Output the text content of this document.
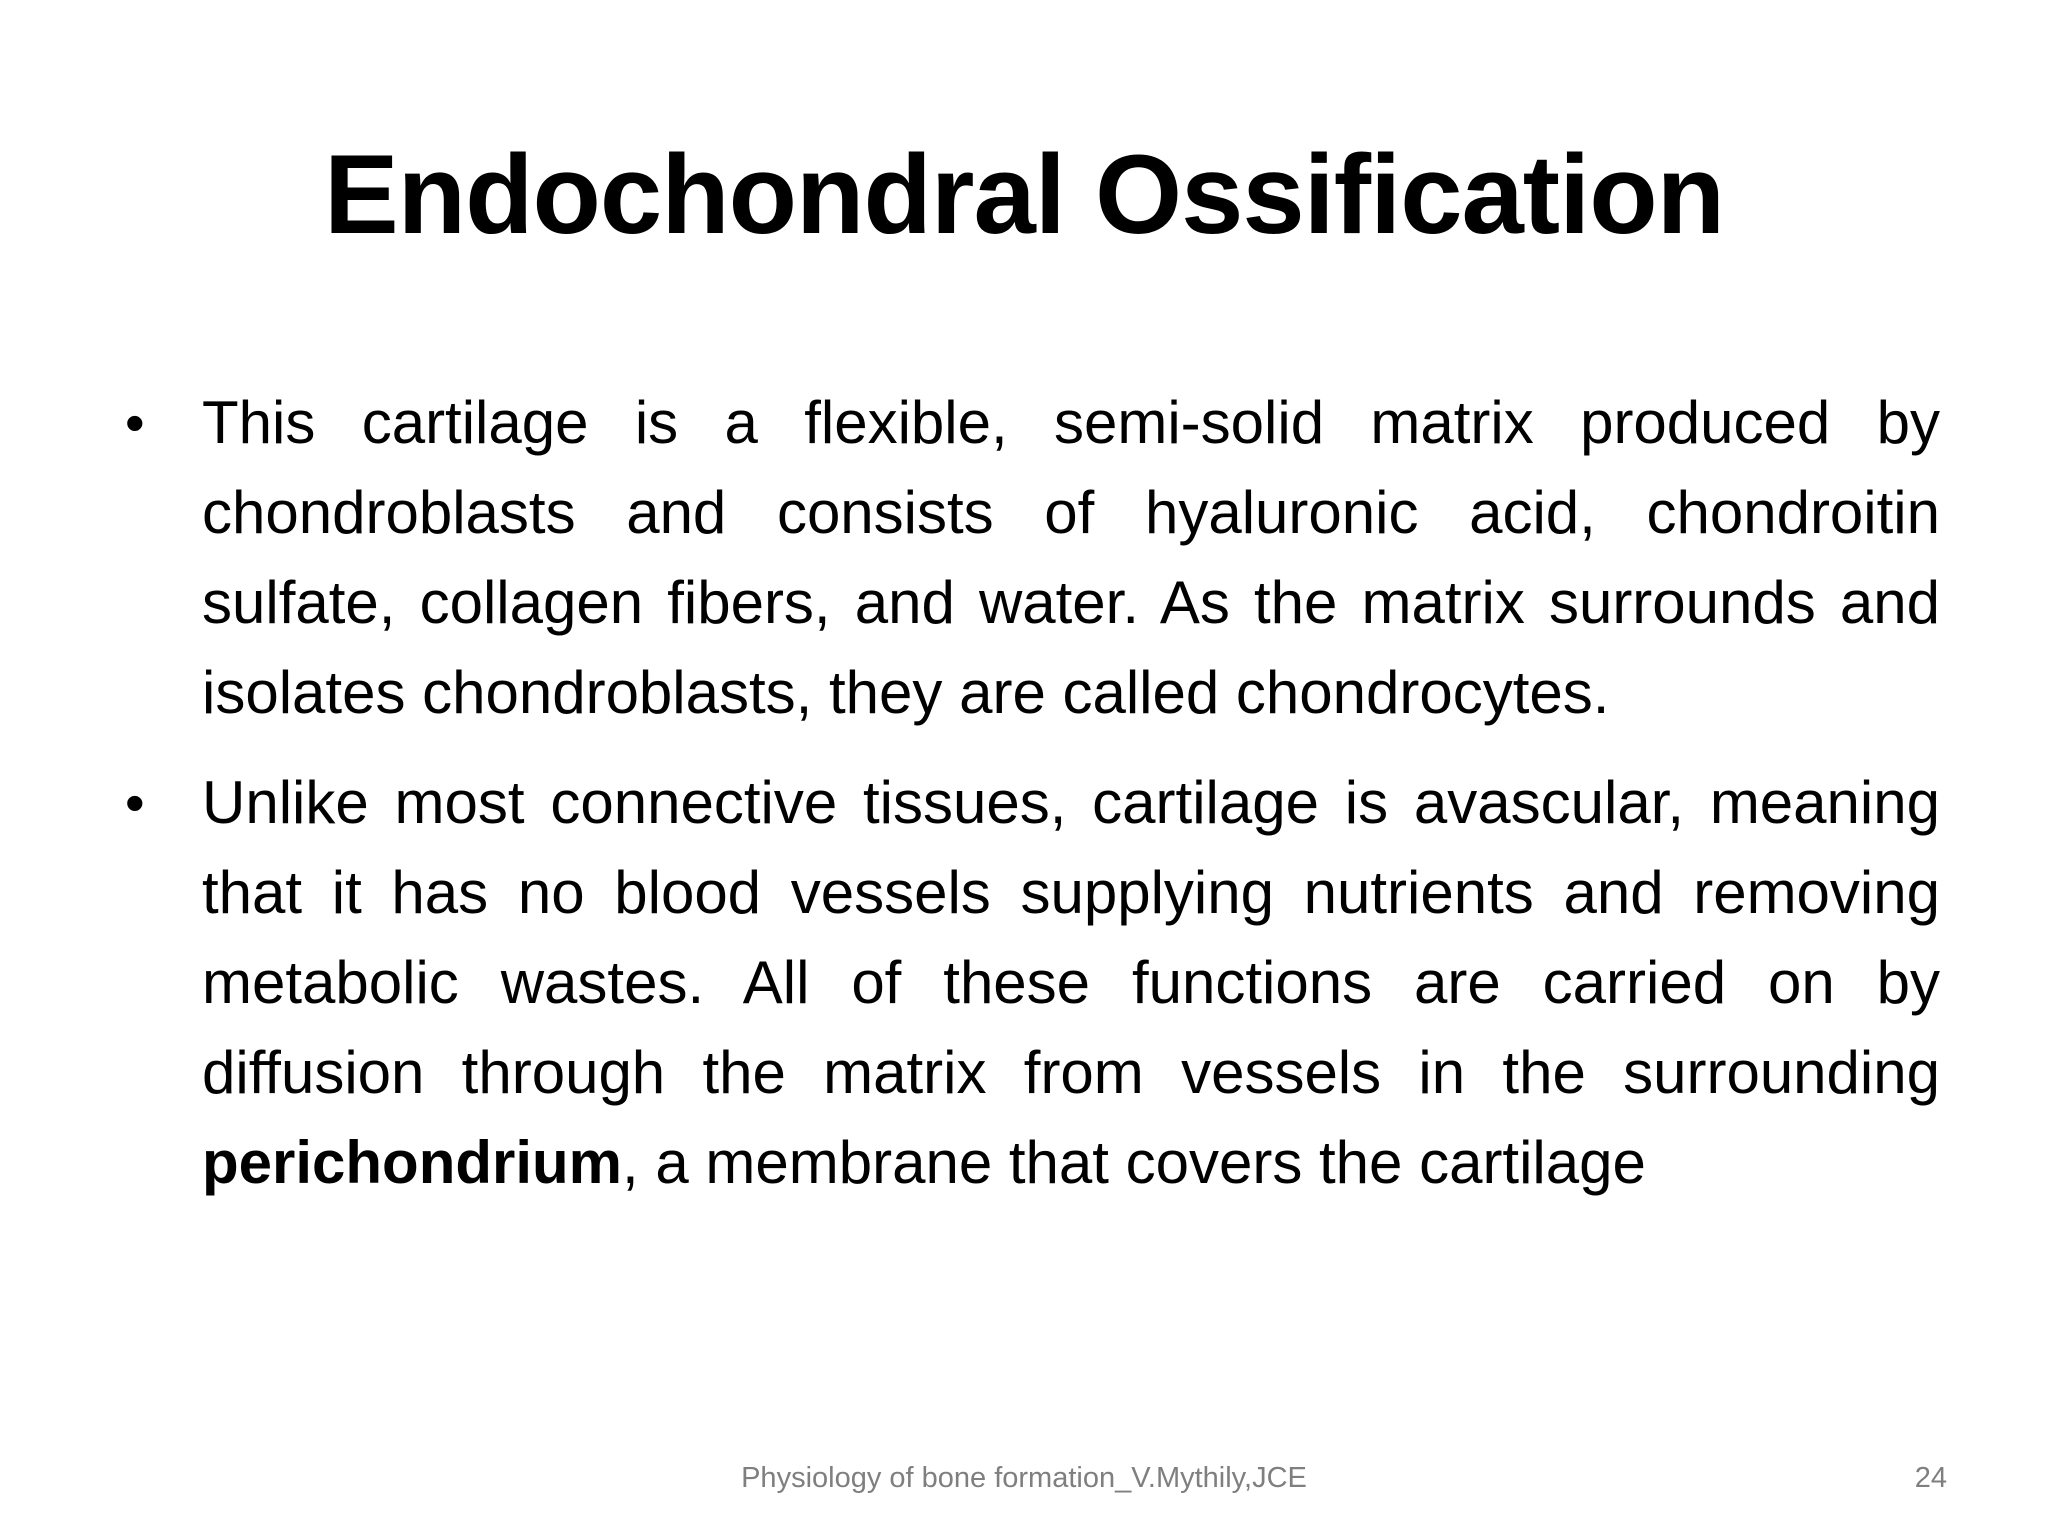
Endochondral Ossification
• This cartilage is a flexible, semi-solid matrix produced by chondroblasts and consists of hyaluronic acid, chondroitin sulfate, collagen fibers, and water. As the matrix surrounds and isolates chondroblasts, they are called chondrocytes.
• Unlike most connective tissues, cartilage is avascular, meaning that it has no blood vessels supplying nutrients and removing metabolic wastes. All of these functions are carried on by diffusion through the matrix from vessels in the surrounding perichondrium, a membrane that covers the cartilage
Physiology of bone formation_V.Mythily,JCE	24
